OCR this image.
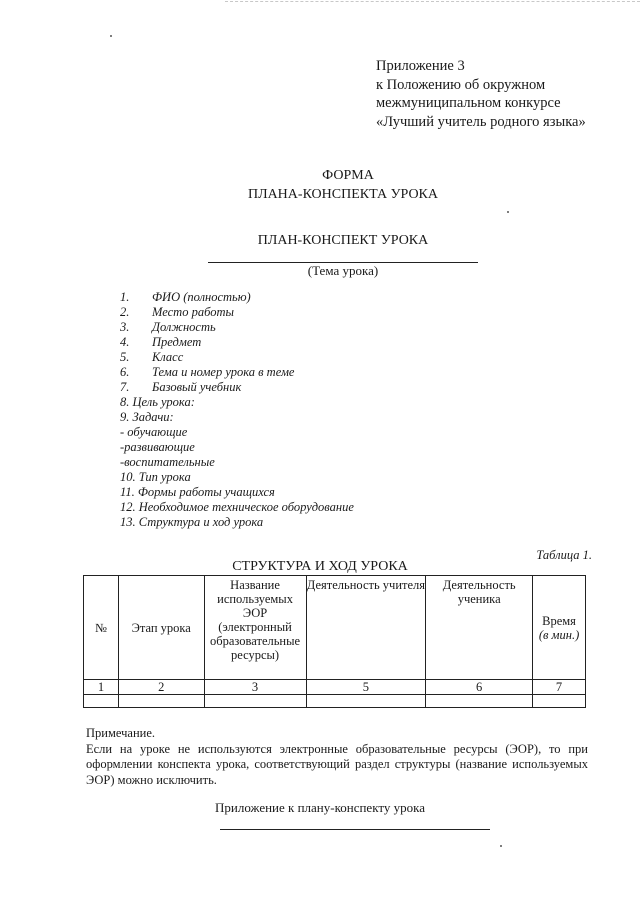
Приложение 3
к Положению об окружном
межмуниципальном конкурсе
«Лучший учитель родного языка»
ФОРМА
ПЛАНА-КОНСПЕКТА УРОКА
ПЛАН-КОНСПЕКТ УРОКА
(Тема урока)
1. ФИО (полностью)
2. Место работы
3. Должность
4. Предмет
5. Класс
6. Тема и номер урока в теме
7. Базовый учебник
8. Цель урока:
9. Задачи:
- обучающие
-развивающие
-воспитательные
10. Тип урока
11. Формы работы учащихся
12. Необходимое техническое оборудование
13. Структура и ход урока
Таблица 1.
СТРУКТУРА И ХОД УРОКА
№	Этап урока	Название используемых ЭОР (электронный образовательные ресурсы)	Деятельность учителя	Деятельность ученика	Время
(в мин.)

1	2	3	5	6	7

Примечание.

Если на уроке не используются электронные образовательные ресурсы (ЭОР), то при оформлении конспекта урока, соответствующий раздел структуры (название используемых ЭОР) можно исключить.

Приложение к плану-конспекту урока
